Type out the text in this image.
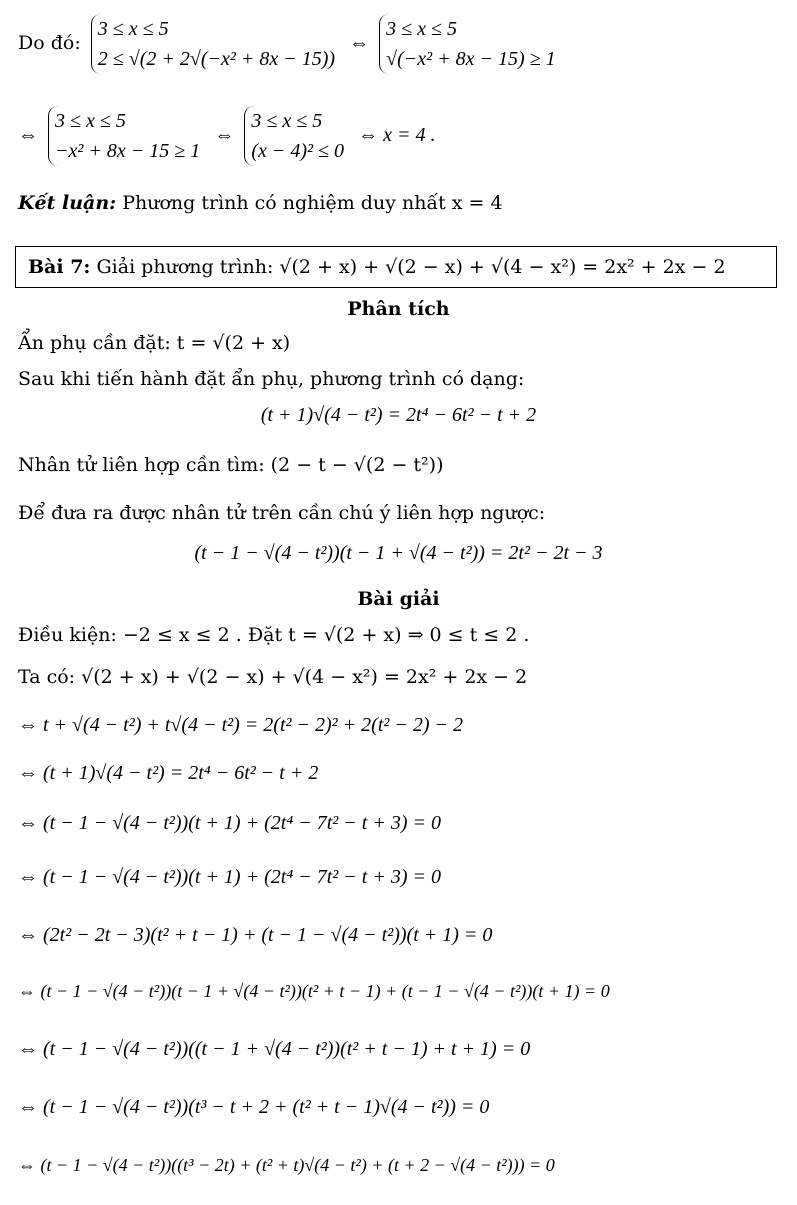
Do đó:
3 ≤ x ≤ 5
2 ≤ √(2 + 2√(−x² + 8x − 15))
⇔
3 ≤ x ≤ 5
√(−x² + 8x − 15) ≥ 1
⇔
3 ≤ x ≤ 5
−x² + 8x − 15 ≥ 1
⇔
3 ≤ x ≤ 5
(x − 4)² ≤ 0
⇔ x = 4 .
Kết luận: Phương trình có nghiệm duy nhất x = 4
Bài 7: Giải phương trình: √(2 + x) + √(2 − x) + √(4 − x²) = 2x² + 2x − 2
Phân tích
Ẩn phụ cần đặt: t = √(2 + x)
Sau khi tiến hành đặt ẩn phụ, phương trình có dạng:
(t + 1)√(4 − t²) = 2t⁴ − 6t² − t + 2
Nhân tử liên hợp cần tìm: (2 − t − √(2 − t²))
Để đưa ra được nhân tử trên cần chú ý liên hợp ngược:
(t − 1 − √(4 − t²))(t − 1 + √(4 − t²)) = 2t² − 2t − 3
Bài giải
Điều kiện: −2 ≤ x ≤ 2 . Đặt t = √(2 + x) ⇒ 0 ≤ t ≤ 2 .
Ta có: √(2 + x) + √(2 − x) + √(4 − x²) = 2x² + 2x − 2
⇔ t + √(4 − t²) + t√(4 − t²) = 2(t² − 2)² + 2(t² − 2) − 2
⇔ (t + 1)√(4 − t²) = 2t⁴ − 6t² − t + 2
⇔ (t − 1 − √(4 − t²))(t + 1) + (2t⁴ − 7t² − t + 3) = 0
⇔ (t − 1 − √(4 − t²))(t + 1) + (2t⁴ − 7t² − t + 3) = 0
⇔ (2t² − 2t − 3)(t² + t − 1) + (t − 1 − √(4 − t²))(t + 1) = 0
⇔ (t − 1 − √(4 − t²))(t − 1 + √(4 − t²))(t² + t − 1) + (t − 1 − √(4 − t²))(t + 1) = 0
⇔ (t − 1 − √(4 − t²))((t − 1 + √(4 − t²))(t² + t − 1) + t + 1) = 0
⇔ (t − 1 − √(4 − t²))(t³ − t + 2 + (t² + t − 1)√(4 − t²)) = 0
⇔ (t − 1 − √(4 − t²))((t³ − 2t) + (t² + t)√(4 − t²) + (t + 2 − √(4 − t²))) = 0
